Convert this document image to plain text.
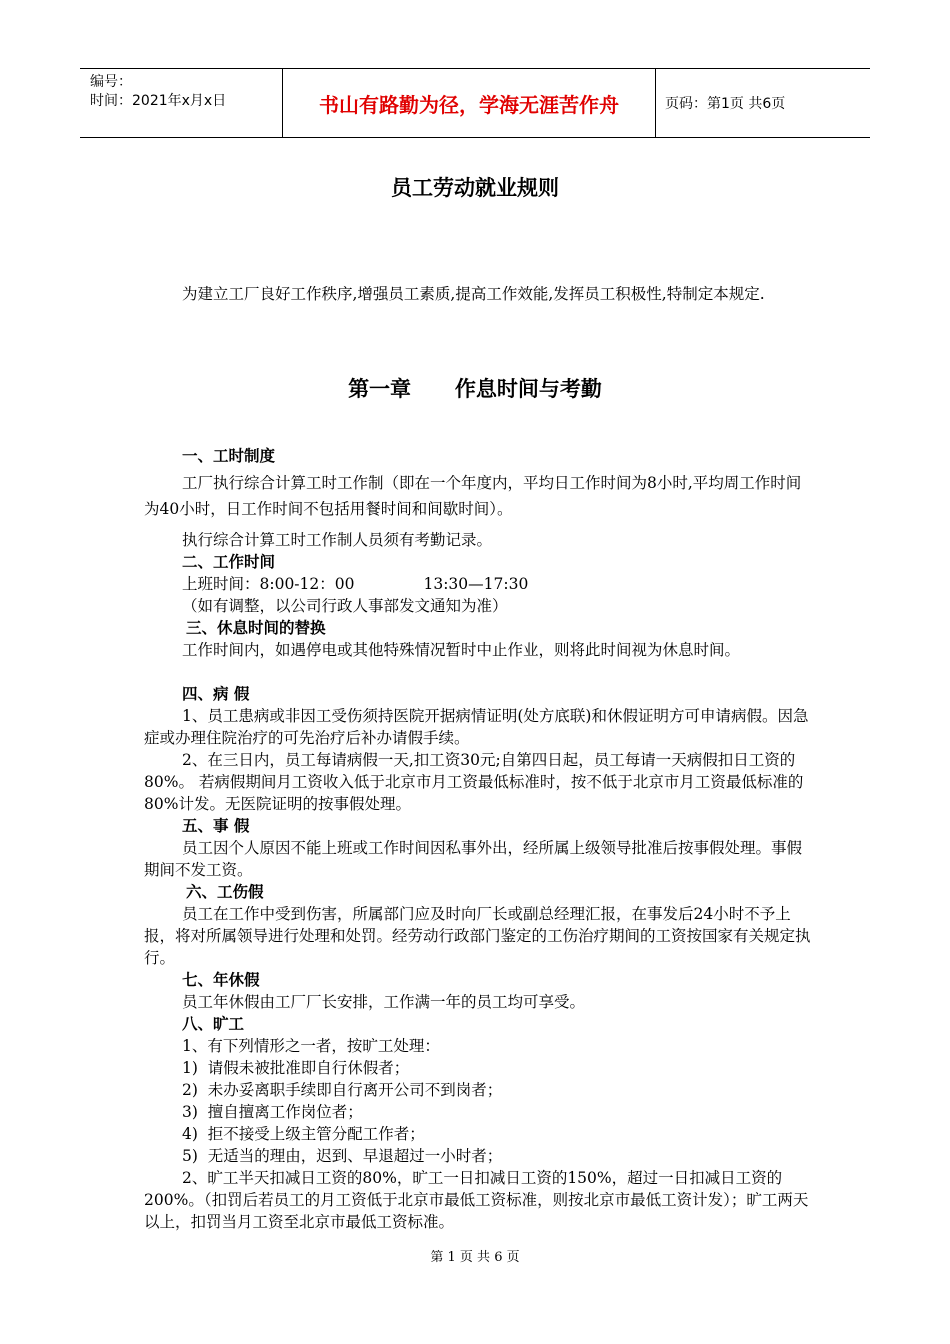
编号：
时间：2021年x月x日	书山有路勤为径，学海无涯苦作舟	页码：第1页 共6页
员工劳动就业规则
为建立工厂良好工作秩序,增强员工素质,提高工作效能,发挥员工积极性,特制定本规定.
第一章      作息时间与考勤
一、工时制度
工厂执行综合计算工时工作制（即在一个年度内，平均日工作时间为8小时,平均周工作时间为40小时，日工作时间不包括用餐时间和间歇时间）。
执行综合计算工时工作制人员须有考勤记录。
二、工作时间
上班时间：8:00-12：00              13:30—17:30
（如有调整，以公司行政人事部发文通知为准）
三、休息时间的替换
工作时间内，如遇停电或其他特殊情况暂时中止作业，则将此时间视为休息时间。
四、病 假
1、员工患病或非因工受伤须持医院开据病情证明(处方底联)和休假证明方可申请病假。因急症或办理住院治疗的可先治疗后补办请假手续。
2、在三日内，员工每请病假一天,扣工资30元;自第四日起，员工每请一天病假扣日工资的80%。 若病假期间月工资收入低于北京市月工资最低标准时，按不低于北京市月工资最低标准的80%计发。无医院证明的按事假处理。
五、事 假
员工因个人原因不能上班或工作时间因私事外出，经所属上级领导批准后按事假处理。事假期间不发工资。
六、工伤假
员工在工作中受到伤害，所属部门应及时向厂长或副总经理汇报，在事发后24小时不予上报，将对所属领导进行处理和处罚。经劳动行政部门鉴定的工伤治疗期间的工资按国家有关规定执行。
七、年休假
员工年休假由工厂厂长安排，工作满一年的员工均可享受。
八、旷工
1、有下列情形之一者，按旷工处理：
1)  请假未被批准即自行休假者；
2)  未办妥离职手续即自行离开公司不到岗者；
3)  擅自擅离工作岗位者；
4)  拒不接受上级主管分配工作者；
5)  无适当的理由，迟到、早退超过一小时者；
2、旷工半天扣减日工资的80%，旷工一日扣减日工资的150%，超过一日扣减日工资的200%。（扣罚后若员工的月工资低于北京市最低工资标准，则按北京市最低工资计发）；旷工两天以上，扣罚当月工资至北京市最低工资标准。
第 1 页 共 6 页
